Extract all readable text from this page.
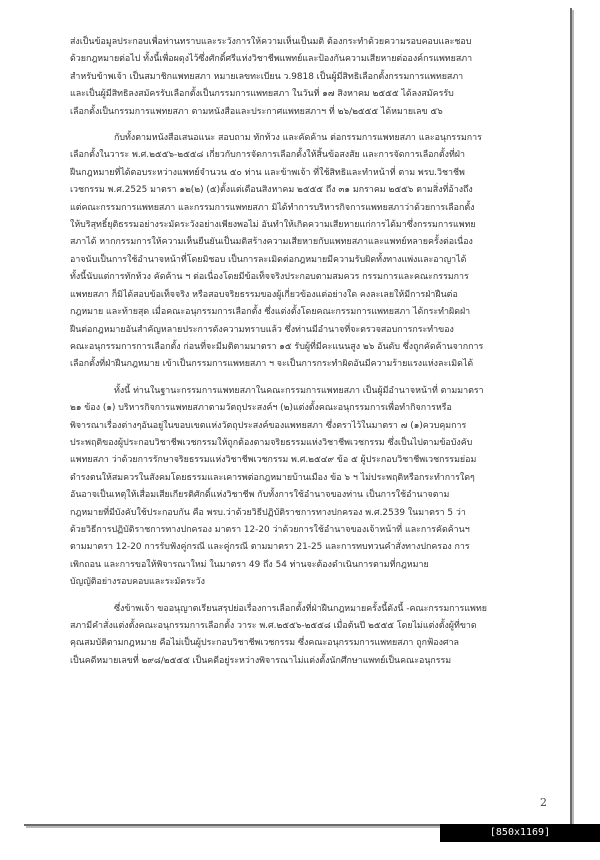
ส่งเป็นข้อมูลประกอบเพื่อท่านทราบและระวังการให้ความเห็นเป็นมติ ต้องกระทำด้วยความรอบคอบและชอบ
ด้วยกฎหมายต่อไป ทั้งนี้เพื่อผดุงไว้ซึ่งศักดิ์ศรีแห่งวิชาชีพแพทย์และป้องกันความเสียหายต่อองค์กรแพทยสภา
สำหรับข้าพเจ้า เป็นสมาชิกแพทยสภา หมายเลขทะเบียน ว.9818 เป็นผู้มีสิทธิเลือกตั้งกรรมการแพทยสภา
และเป็นผู้มีสิทธิลงสมัครรับเลือกตั้งเป็นกรรมการแพทยสภา ในวันที่ ๑๗ สิงหาคม ๒๕๕๕ ได้ลงสมัครรับ
เลือกตั้งเป็นกรรมการแพทยสภา ตามหนังสือและประกาศแพทยสภาฯ ที่ ๒๖/๒๕๕๕ ได้หมายเลข ๕๖
กับทั้งตามหนังสือเสนอแนะ สอบถาม ทักท้วง และคัดค้าน ต่อกรรมการแพทยสภา และอนุกรรมการ
เลือกตั้งในวาระ พ.ศ.๒๕๕๖-๒๕๕๘ เกี่ยวกับการจัดการเลือกตั้งให้สิ้นข้อสงสัย และการจัดการเลือกตั้งที่ฝ่า
ฝืนกฎหมายที่ได้ตอบระหว่างแพทย์จำนวน ๕๐ ท่าน และข้าพเจ้า ที่ใช้สิทธิและทำหน้าที่ ตาม พรบ.วิชาชีพ
เวชกรรม พ.ศ.2525 มาตรา ๑๒(๒) (๕)ตั้งแต่เดือนสิงหาคม ๒๕๕๕ ถึง ๓๑ มกราคม ๒๕๕๖ ตามสิ่งที่อ้างถึง
แต่คณะกรรมการแพทยสภา และกรรมการแพทยสภา มิได้ทำการบริหารกิจการแพทยสภาว่าด้วยการเลือกตั้ง
ให้บริสุทธิ์ยุติธรรมอย่างระมัดระวังอย่างเพียงพอไม่ อันทำให้เกิดความเสียหายแก่การได้มาซึ่งกรรมการแพทย
สภาได้ หากกรรมการให้ความเห็นยืนยันเป็นมติสร้างความเสียหายกับแพทยสภาและแพทย์หลายครั้งต่อเนื่อง
อาจนับเป็นการใช้อำนาจหน้าที่โดยมิชอบ เป็นการละเมิดต่อกฎหมายมีความรับผิดทั้งทางแพ่งและอาญาได้
ทั้งนี้นับแต่การทักท้วง คัดค้าน ฯ ต่อเนื่องโดยมีข้อเท็จจริงประกอบตามสมควร กรรมการและคณะกรรมการ
แพทยสภา ก็มิได้สอบข้อเท็จจริง หรือสอบจริยธรรมของผู้เกี่ยวข้องแต่อย่างใด คงละเลยให้มีการฝ่าฝืนต่อ
กฎหมาย และท้ายสุด เมื่อคณะอนุกรรมการเลือกตั้ง ซึ่งแต่งตั้งโดยคณะกรรมการแพทยสภา ได้กระทำผิดฝ่า
ฝืนต่อกฎหมายอันสำคัญหลายประการดังความทราบแล้ว ซึ่งท่านมีอำนาจที่จะตรวจสอบการกระทำของ
คณะอนุกรรมการการเลือกตั้ง ก่อนที่จะมีมติตามมาตรา ๑๕ รับผู้ที่มีคะแนนสูง ๒๖ อันดับ ซึ่งถูกคัดค้านจากการ
เลือกตั้งที่ฝ่าฝืนกฎหมาย เข้าเป็นกรรมการแพทยสภา ฯ จะเป็นการกระทำผิดอันมีความร้ายแรงแห่งละเมิดได้
ทั้งนี้ ท่านในฐานะกรรมการแพทยสภาในคณะกรรมการแพทยสภา เป็นผู้มีอำนาจหน้าที่ ตามมาตรา
๒๑ ข้อง (๑) บริหารกิจการแพทยสภาตามวัตถุประสงค์ฯ (๒)แต่งตั้งคณะอนุกรรมการเพื่อทำกิจการหรือ
พิจารณาเรื่องต่างๆอันอยู่ในขอบเขตแห่งวัตถุประสงค์ของแพทยสภา ซึ่งตราไว้ในมาตรา ๗ (๑)ควบคุมการ
ประพฤติของผู้ประกอบวิชาชีพเวชกรรมให้ถูกต้องตามจริยธรรมแห่งวิชาชีพเวชกรรม ซึ่งเป็นไปตามข้อบังคับ
แพทยสภา ว่าด้วยการรักษาจริยธรรมแห่งวิชาชีพเวชกรรม พ.ศ.๒๕๔๙ ข้อ ๕ ผู้ประกอบวิชาชีพเวชกรรมย่อม
ดำรงตนให้สมควรในสังคมโดยธรรมและเคารพต่อกฎหมายบ้านเมือง ข้อ ๖ ฯ ไม่ประพฤติหรือกระทำการใดๆ
อันอาจเป็นเหตุให้เสื่อมเสียเกียรติศักดิ์แห่งวิชาชีพ กับทั้งการใช้อำนาจของท่าน เป็นการใช้อำนาจตาม
กฎหมายที่มีบังคับใช้ประกอบกัน คือ พรบ.ว่าด้วยวิธีปฏิบัติราชการทางปกครอง พ.ศ.2539 ในมาตรา 5 ว่า
ด้วยวิธีการปฏิบัติราชการทางปกครอง มาตรา 12-20 ว่าด้วยการใช้อำนาจของเจ้าหน้าที่ และการคัดค้านฯ
ตามมาตรา 12-20 การรับฟังคู่กรณี และคู่กรณี ตามมาตรา 21-25 และการทบทวนคำสั่งทางปกครอง การ
เพิกถอน และการขอให้พิจารณาใหม่ ในมาตรา 49 ถึง 54 ท่านจะต้องดำเนินการตามที่กฎหมาย
บัญญัติอย่างรอบคอบและระมัดระวัง
ซึ่งข้าพเจ้า ขออนุญาตเรียนสรุปย่อเรื่องการเลือกตั้งที่ฝ่าฝืนกฎหมายครั้งนี้ดังนี้ -คณะกรรมการแพทย
สภามีคำสั่งแต่งตั้งคณะอนุกรรมการเลือกตั้ง วาระ พ.ศ.๒๕๕๖-๒๕๕๘ เมื่อต้นปี ๒๕๕๕ โดยไม่แต่งตั้งผู้ที่ขาด
คุณสมบัติตามกฎหมาย คือไม่เป็นผู้ประกอบวิชาชีพเวชกรรม ซึ่งคณะอนุกรรมการแพทยสภา ถูกฟ้องศาล
เป็นคดีหมายเลขที่ ๒๙๘/๒๕๕๕ เป็นคดีอยู่ระหว่างพิจารณาไม่แต่งตั้งนักศึกษาแพทย์เป็นคณะอนุกรรม
2
[850x1169] https://upic.me/
